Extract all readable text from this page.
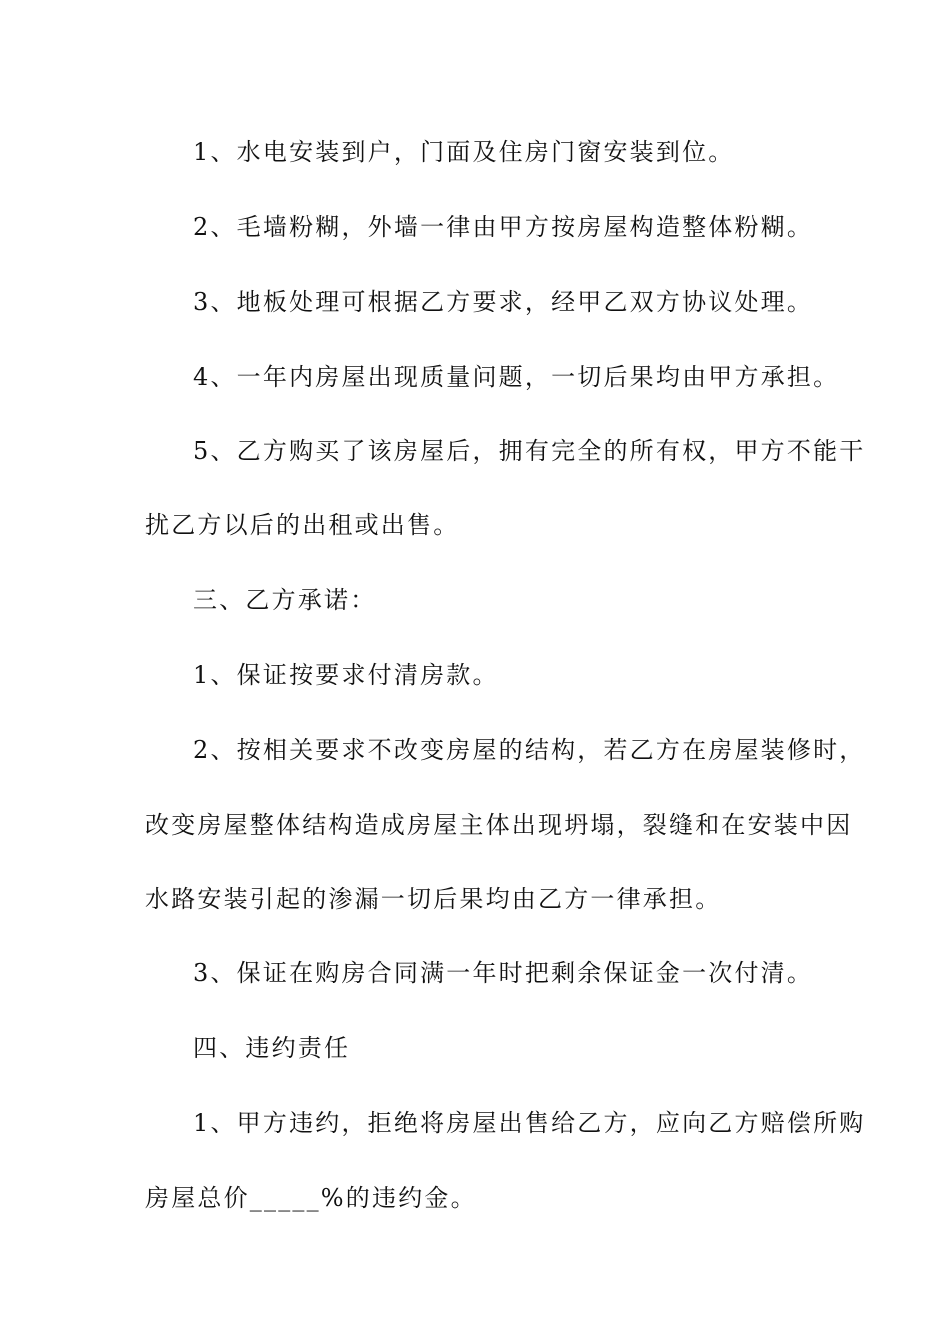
1、水电安装到户，门面及住房门窗安装到位。
2、毛墙粉糊，外墙一律由甲方按房屋构造整体粉糊。
3、地板处理可根据乙方要求，经甲乙双方协议处理。
4、一年内房屋出现质量问题，一切后果均由甲方承担。
5、乙方购买了该房屋后，拥有完全的所有权，甲方不能干
扰乙方以后的出租或出售。
三、乙方承诺：
1、保证按要求付清房款。
2、按相关要求不改变房屋的结构，若乙方在房屋装修时，
改变房屋整体结构造成房屋主体出现坍塌，裂缝和在安装中因
水路安装引起的渗漏一切后果均由乙方一律承担。
3、保证在购房合同满一年时把剩余保证金一次付清。
四、违约责任
1、甲方违约，拒绝将房屋出售给乙方，应向乙方赔偿所购
房屋总价_____%的违约金。
